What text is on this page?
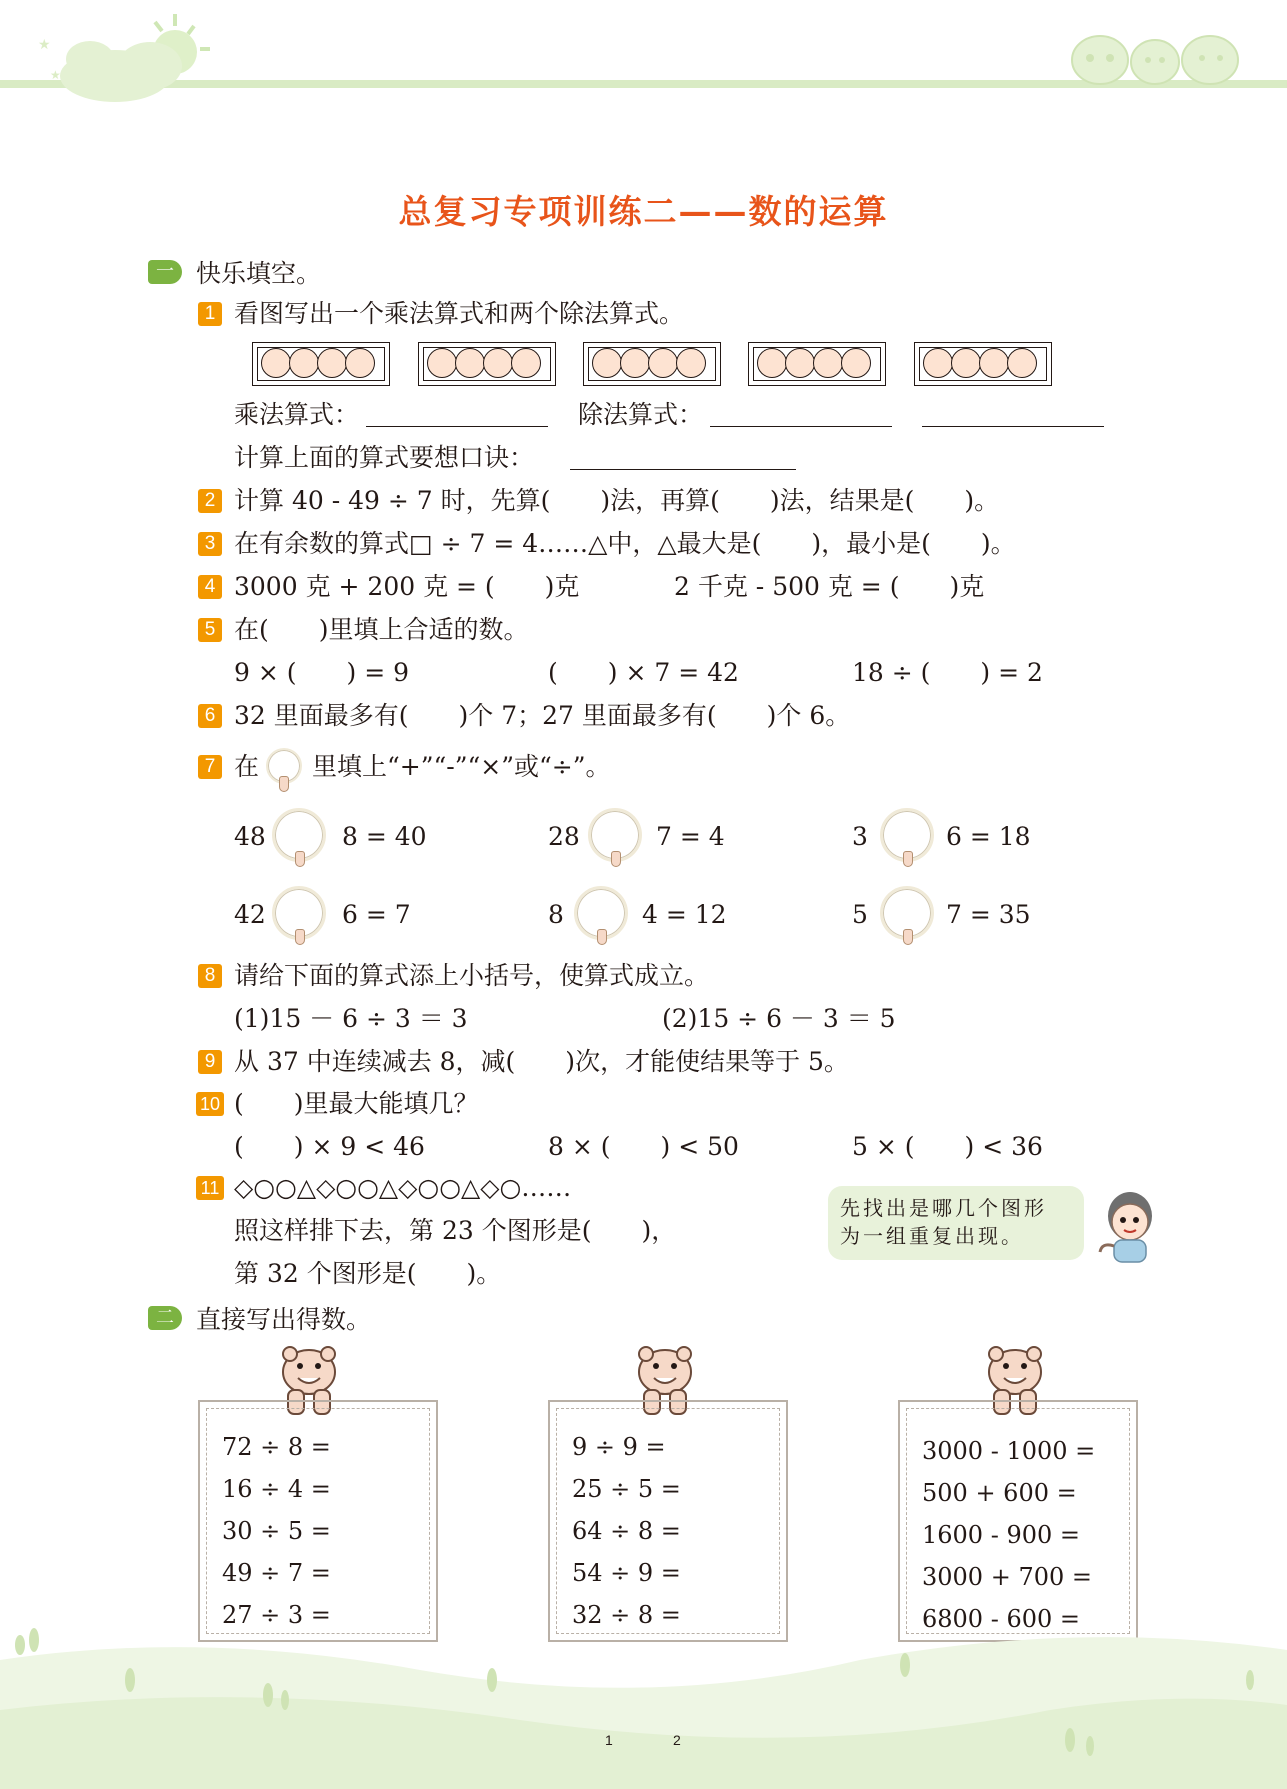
★
★
总复习专项训练二——数的运算
一 快乐填空。
1 看图写出一个乘法算式和两个除法算式。
乘法算式：	除法算式：
计算上面的算式要想口诀：
2 计算 40 - 49 ÷ 7 时，先算(　　)法，再算(　　)法，结果是(　　)。
3 在有余数的算式□ ÷ 7 = 4……△中，△最大是(　　)，最小是(　　)。
4 3000 克 + 200 克 = (　　)克	2 千克 - 500 克 = (　　)克
5 在(　　)里填上合适的数。
9 × (　　) = 9	(　　) × 7 = 42	18 ÷ (　　) = 2
6 32 里面最多有(　　)个 7；27 里面最多有(　　)个 6。
7 在 里填上“+”“-”“×”或“÷”。
48	8 = 40	28	7 = 4	3	6 = 18
42	6 = 7	8	4 = 12	5	7 = 35
8 请给下面的算式添上小括号，使算式成立。
(1)15 － 6 ÷ 3 ＝ 3	(2)15 ÷ 6 － 3 ＝ 5
9 从 37 中连续减去 8，减(　　)次，才能使结果等于 5。
10 (　　)里最大能填几？
(　　) × 9 < 46	8 × (　　) < 50	5 × (　　) < 36
11 ◇○○△◇○○△◇○○△◇○……
照这样排下去，第 23 个图形是(　　)，
第 32 个图形是(　　)。
先找出是哪几个图形
为一组重复出现。
二 直接写出得数。
72 ÷ 8 =
16 ÷ 4 =
30 ÷ 5 =
49 ÷ 7 =
27 ÷ 3 =
9 ÷ 9 =
25 ÷ 5 =
64 ÷ 8 =
54 ÷ 9 =
32 ÷ 8 =
3000 - 1000 =
500 + 600 =
1600 - 900 =
3000 + 700 =
6800 - 600 =
1	2
